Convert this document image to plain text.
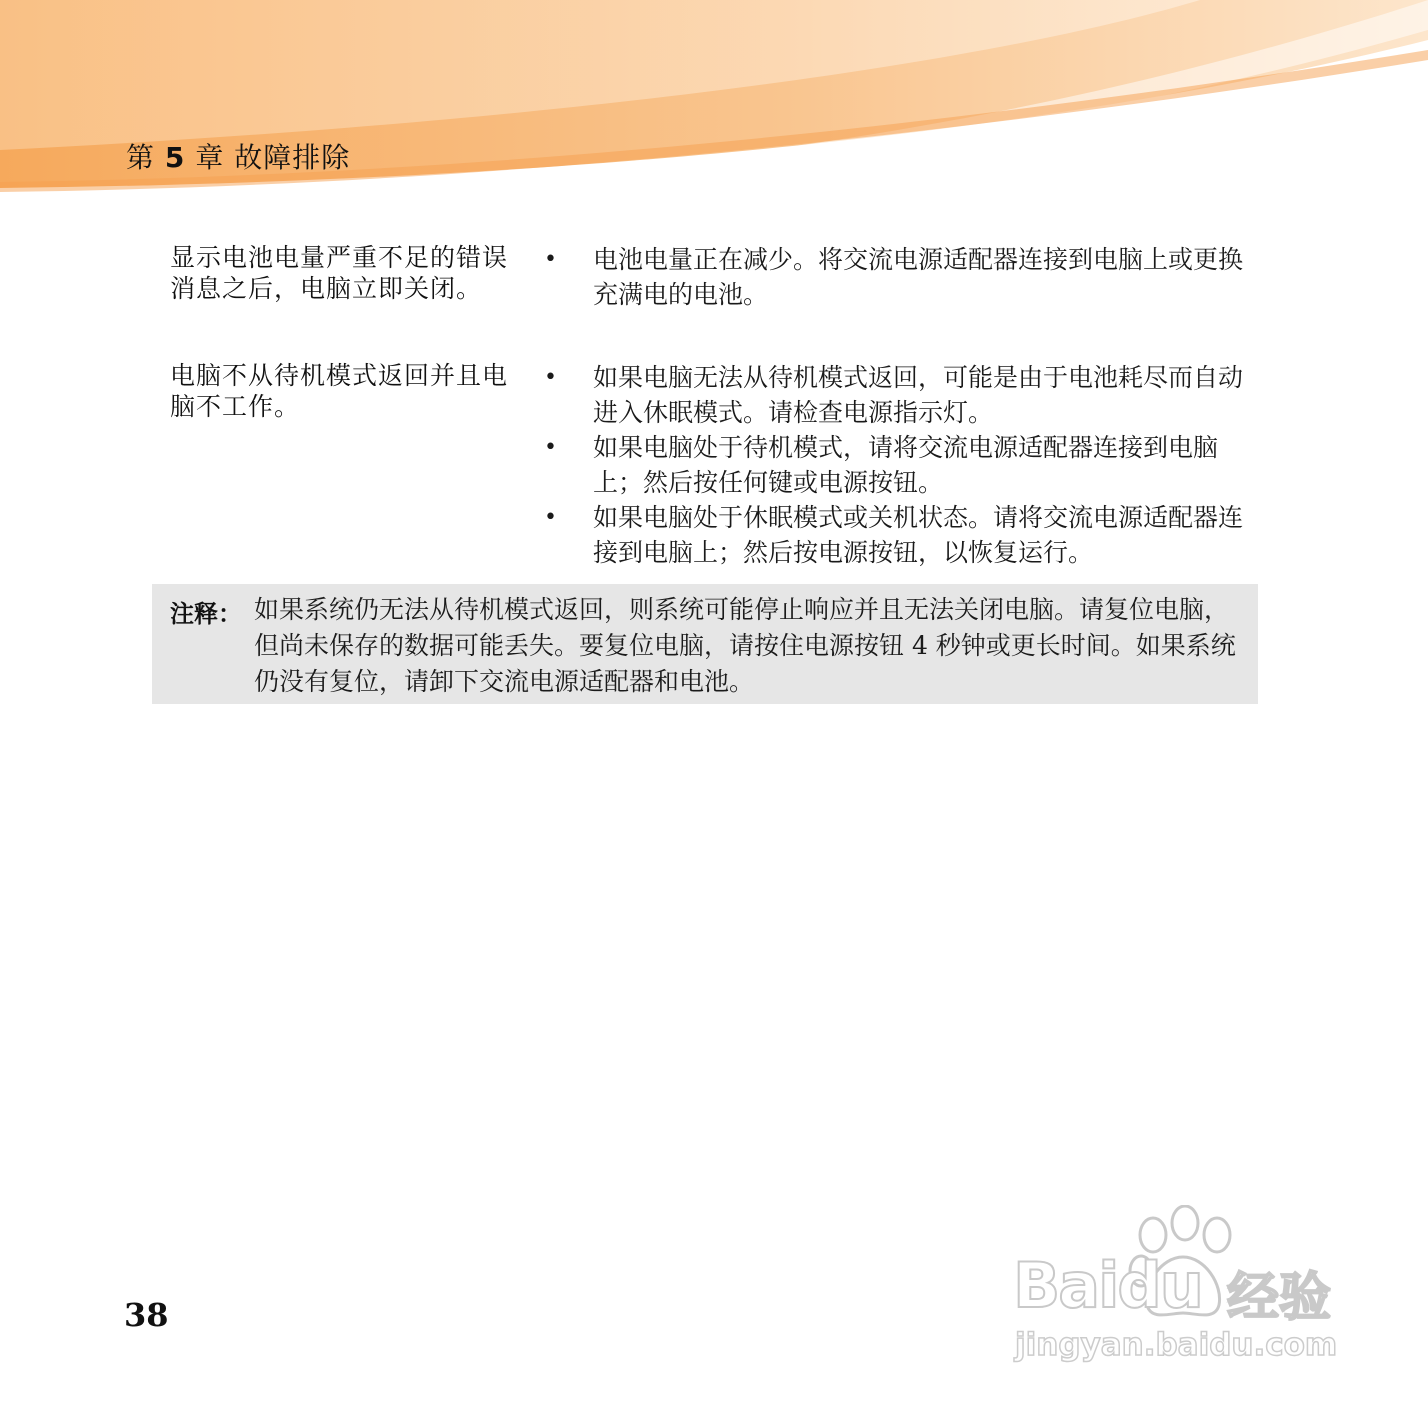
第 5 章 故障排除
显示电池电量严重不足的错误消息之后，电脑立即关闭。
• 电池电量正在减少。将交流电源适配器连接到电脑上或更换充满电的电池。
电脑不从待机模式返回并且电脑不工作。
• 如果电脑无法从待机模式返回，可能是由于电池耗尽而自动进入休眠模式。请检查电源指示灯。
• 如果电脑处于待机模式，请将交流电源适配器连接到电脑上；然后按任何键或电源按钮。
• 如果电脑处于休眠模式或关机状态。请将交流电源适配器连接到电脑上；然后按电源按钮，以恢复运行。
注释： 如果系统仍无法从待机模式返回，则系统可能停止响应并且无法关闭电脑。请复位电脑，但尚未保存的数据可能丢失。要复位电脑，请按住电源按钮 4 秒钟或更长时间。如果系统仍没有复位，请卸下交流电源适配器和电池。
38	Baidu 经验
jingyan.baidu.com
